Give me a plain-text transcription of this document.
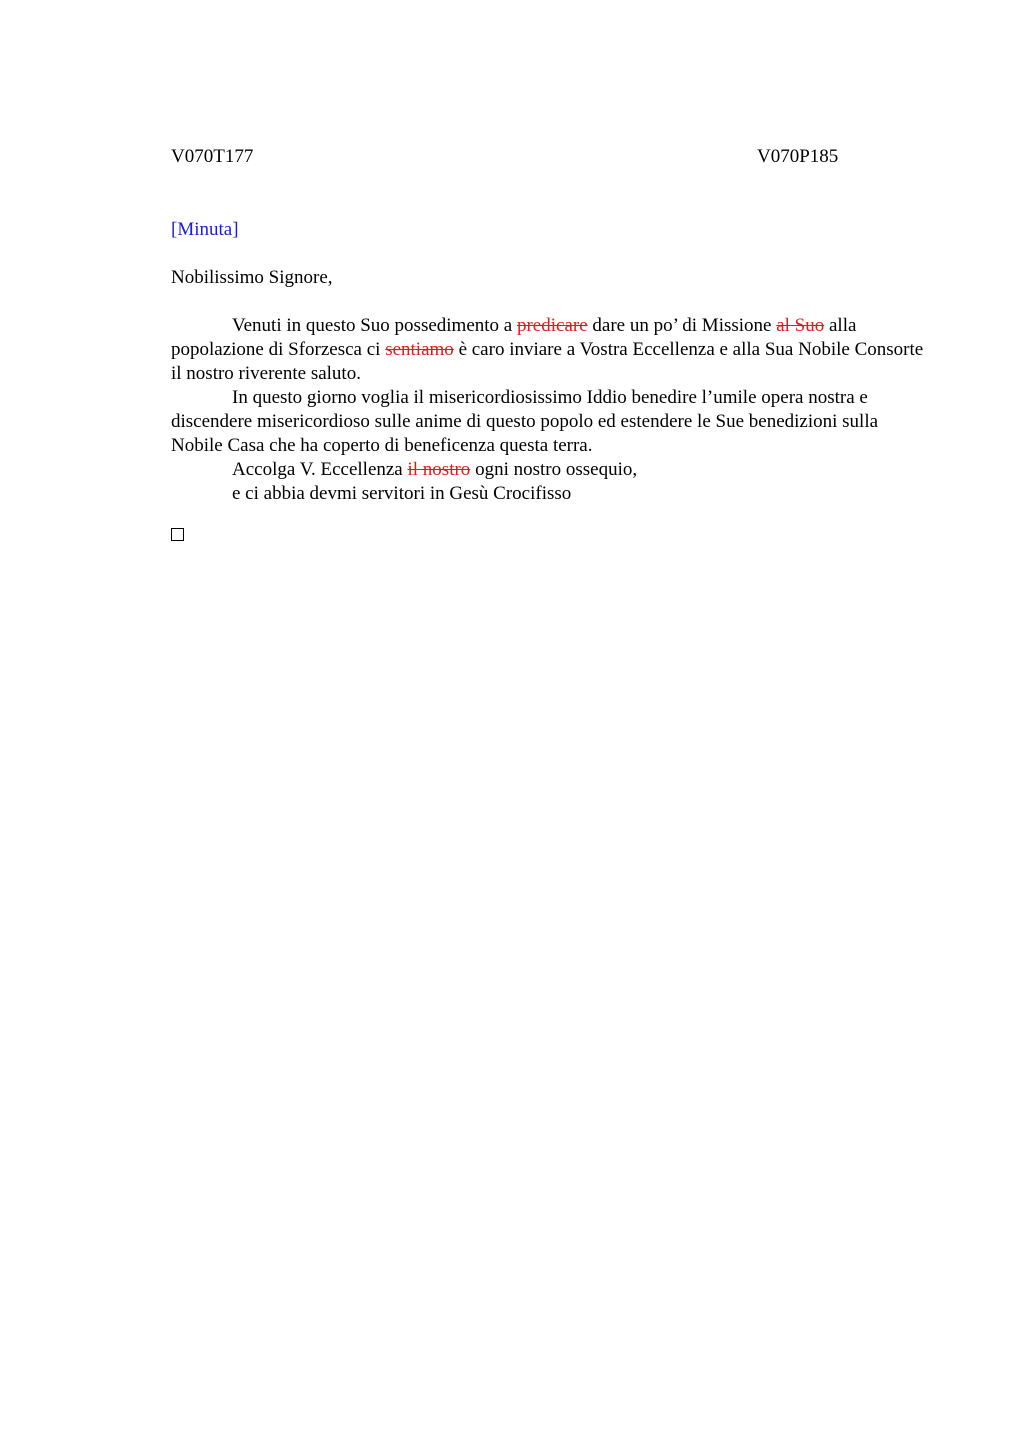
V070T177	V070P185
[Minuta]
Nobilissimo Signore,

Venuti in questo Suo possedimento a predicare dare un po’ di Missione al Suo alla popolazione di Sforzesca ci sentiamo è caro inviare a Vostra Eccellenza e alla Sua Nobile Consorte il nostro riverente saluto.

In questo giorno voglia il misericordiosissimo Iddio benedire l’umile opera nostra e discendere misericordioso sulle anime di questo popolo ed estendere le Sue benedizioni sulla Nobile Casa che ha coperto di beneficenza questa terra.

Accolga V. Eccellenza il nostro ogni nostro ossequio,

e ci abbia devmi servitori in Gesù Crocifisso
